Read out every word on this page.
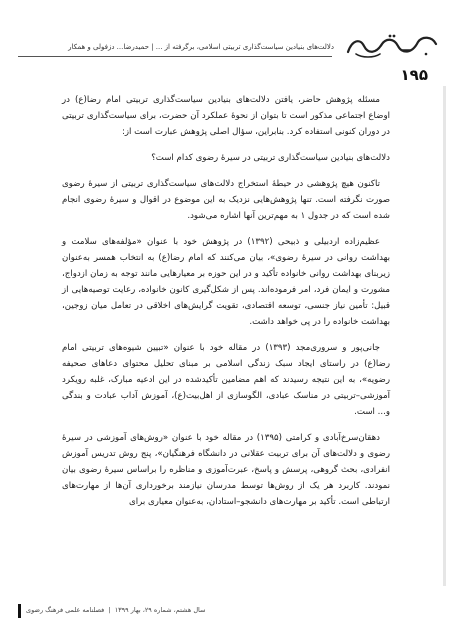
دلالت‌های بنیادین سیاست‌گذاری تربیتی اسلامی، برگرفته از ... | حمیدرضا... دزفولی و همکار
۱۹۵

مسئله پژوهش حاضر، یافتن دلالت‌های بنیادین سیاست‌گذاری تربیتی امام رضا(ع) در اوضاع اجتماعی مذکور است تا بتوان از نحوهٔ عملکرد آن حضرت، برای سیاست‌گذاری تربیتی در دوران کنونی استفاده کرد. بنابراین، سؤال اصلی پژوهش عبارت است از:

دلالت‌های بنیادین سیاست‌گذاری تربیتی در سیرهٔ رضوی کدام است؟

تاکنون هیچ پژوهشی در حیطهٔ استخراج دلالت‌های سیاست‌گذاری تربیتی از سیرهٔ رضوی صورت نگرفته است. تنها پژوهش‌هایی نزدیک به این موضوع در اقوال و سیرهٔ رضوی انجام شده است که در جدول ۱ به مهم‌ترین آنها اشاره می‌شود.

عظیم‌زاده اردبیلی و ذبیحی (۱۳۹۲) در پژوهش خود با عنوان «مؤلفه‌های سلامت و بهداشت روانی در سیرهٔ رضوی»، بیان می‌کنند که امام رضا(ع) به انتخاب همسر به‌عنوان زیربنای بهداشت روانی خانواده تأکید و در این حوزه بر معیارهایی مانند توجه به زمان ازدواج، مشورت و ایمان فرد، امر فرموده‌اند. پس از شکل‌گیری کانون خانواده، رعایت توصیه‌هایی از قبیل: تأمین نیاز جنسی، توسعه اقتصادی، تقویت گرایش‌های اخلاقی در تعامل میان زوجین، بهداشت خانواده را در پی خواهد داشت.

جانی‌پور و سروری‌مجد (۱۳۹۳) در مقاله خود با عنوان «تبیین شیوه‌های تربیتی امام رضا(ع) در راستای ایجاد سبک زندگی اسلامی بر مبنای تحلیل محتوای دعاهای صحیفه رضویه»، به این نتیجه رسیدند که اهم مضامین تأکیدشده در این ادعیه مبارک، غلبه رویکرد آموزشی–تربیتی در مناسک عبادی، الگوسازی از اهل‌بیت(ع)، آموزش آداب عبادت و بندگی و... است.

دهقان‌سرخ‌آبادی و کرامتی (۱۳۹۵) در مقاله خود با عنوان «روش‌های آموزشی در سیرهٔ رضوی و دلالت‌های آن برای تربیت عقلانی در دانشگاه فرهنگیان»، پنج روش تدریس آموزش انفرادی، بحث گروهی، پرسش و پاسخ، عبرت‌آموزی و مناظره را براساس سیرهٔ رضوی بیان نمودند. کاربرد هر یک از روش‌ها توسط مدرسان نیازمند برخورداری آن‌ها از مهارت‌های ارتباطی است. تأکید بر مهارت‌های دانشجو–استادان، به‌عنوان معیاری برای

سال هشتم، شماره ۲۹، بهار ۱۳۹۹  |  فصلنامه علمی فرهنگ رضوی
